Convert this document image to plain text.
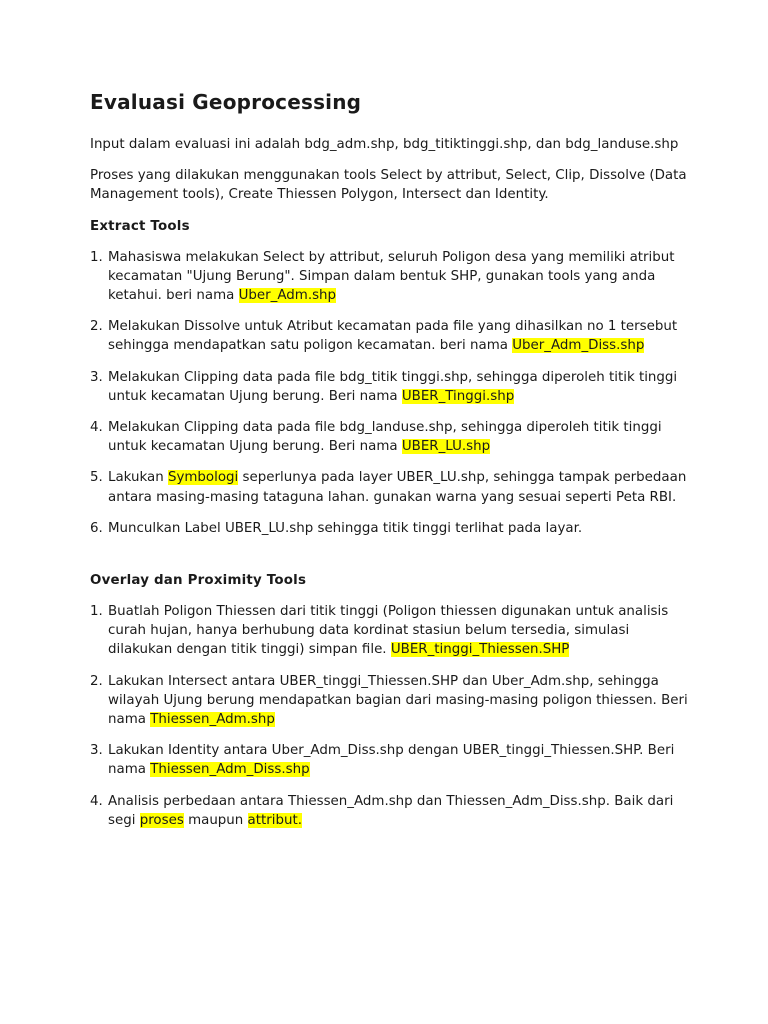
Evaluasi Geoprocessing

Input dalam evaluasi ini adalah bdg_adm.shp, bdg_titiktinggi.shp, dan bdg_landuse.shp

Proses yang dilakukan menggunakan tools Select by attribut, Select, Clip, Dissolve (Data Management tools), Create Thiessen Polygon, Intersect dan Identity.

Extract Tools
1. Mahasiswa melakukan Select by attribut, seluruh Poligon desa yang memiliki atribut kecamatan "Ujung Berung". Simpan dalam bentuk SHP, gunakan tools yang anda ketahui. beri nama Uber_Adm.shp
2. Melakukan Dissolve untuk Atribut kecamatan pada file yang dihasilkan no 1 tersebut sehingga mendapatkan satu poligon kecamatan. beri nama Uber_Adm_Diss.shp
3. Melakukan Clipping data pada file bdg_titik tinggi.shp, sehingga diperoleh titik tinggi untuk kecamatan Ujung berung. Beri nama UBER_Tinggi.shp
4. Melakukan Clipping data pada file bdg_landuse.shp, sehingga diperoleh titik tinggi untuk kecamatan Ujung berung. Beri nama UBER_LU.shp
5. Lakukan Symbologi seperlunya pada layer UBER_LU.shp, sehingga tampak perbedaan antara masing-masing tataguna lahan. gunakan warna yang sesuai seperti Peta RBI.
6. Munculkan Label UBER_LU.shp sehingga titik tinggi terlihat pada layar.
Overlay dan Proximity Tools
1. Buatlah Poligon Thiessen dari titik tinggi (Poligon thiessen digunakan untuk analisis curah hujan, hanya berhubung data kordinat stasiun belum tersedia, simulasi dilakukan dengan titik tinggi) simpan file. UBER_tinggi_Thiessen.SHP
2. Lakukan Intersect antara UBER_tinggi_Thiessen.SHP dan Uber_Adm.shp, sehingga wilayah Ujung berung mendapatkan bagian dari masing-masing poligon thiessen. Beri nama Thiessen_Adm.shp
3. Lakukan Identity antara Uber_Adm_Diss.shp dengan UBER_tinggi_Thiessen.SHP. Beri nama Thiessen_Adm_Diss.shp
4. Analisis perbedaan antara Thiessen_Adm.shp dan Thiessen_Adm_Diss.shp. Baik dari segi proses maupun attribut.
